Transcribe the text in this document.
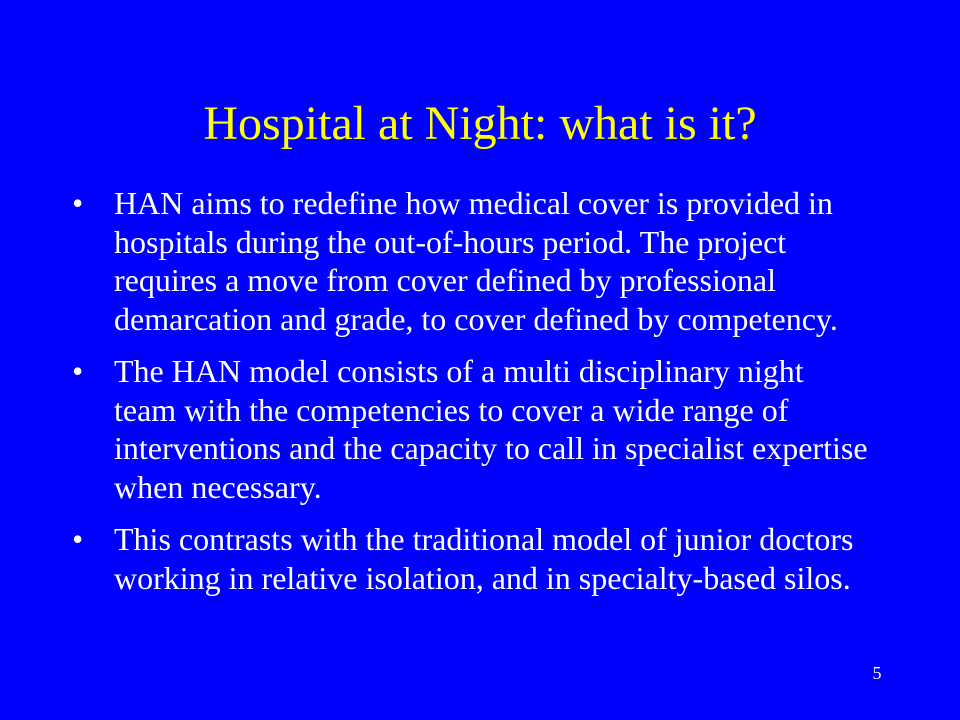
Hospital at Night: what is it?
• HAN aims to redefine how medical cover is provided in hospitals during the out-of-hours period. The project requires a move from cover defined by professional demarcation and grade, to cover defined by competency.
• The HAN model consists of a multi disciplinary night team with the competencies to cover a wide range of interventions and the capacity to call in specialist expertise when necessary.
• This contrasts with the traditional model of junior doctors working in relative isolation, and in specialty-based silos.
5
